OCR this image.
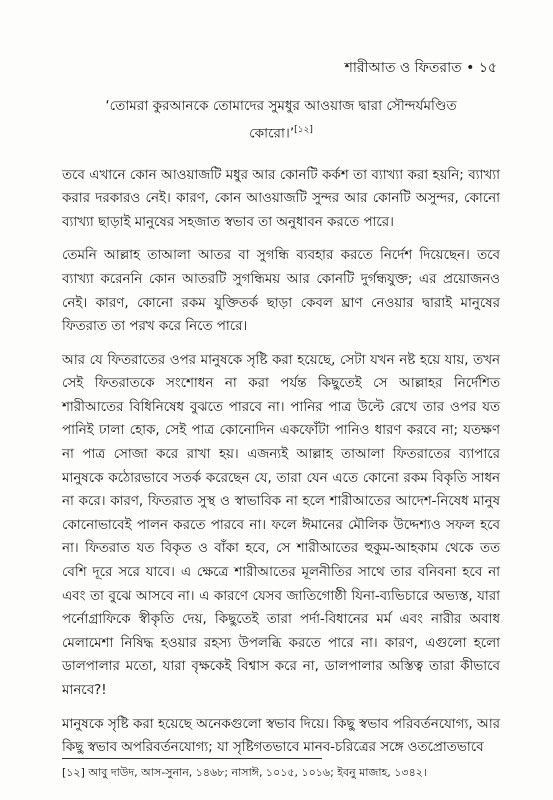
শারীআত ও ফিতরাত • ১৫
‘তোমরা কুরআনকে তোমাদের সুমধুর আওয়াজ দ্বারা সৌন্দর্যমণ্ডিত
কোরো।’[১২]

তবে এখানে কোন আওয়াজটি মধুর আর কোনটি কর্কশ তা ব্যাখ্যা করা হয়নি; ব্যাখ্যা করার দরকারও নেই। কারণ, কোন আওয়াজটি সুন্দর আর কোনটি অসুন্দর, কোনো ব্যাখ্যা ছাড়াই মানুষের সহজাত স্বভাব তা অনুধাবন করতে পারে।

তেমনি আল্লাহ তাআলা আতর বা সুগন্ধি ব্যবহার করতে নির্দেশ দিয়েছেন। তবে ব্যাখ্যা করেননি কোন আতরটি সুগন্ধিময় আর কোনটি দুর্গন্ধযুক্ত; এর প্রয়োজনও নেই। কারণ, কোনো রকম যুক্তিতর্ক ছাড়া কেবল ঘ্রাণ নেওয়ার দ্বারাই মানুষের ফিতরাত তা পরখ করে নিতে পারে।

আর যে ফিতরাতের ওপর মানুষকে সৃষ্টি করা হয়েছে, সেটা যখন নষ্ট হয়ে যায়, তখন সেই ফিতরাতকে সংশোধন না করা পর্যন্ত কিছুতেই সে আল্লাহর নির্দেশিত শারীআতের বিধিনিষেধ বুঝতে পারবে না। পানির পাত্র উল্টে রেখে তার ওপর যত পানিই ঢালা হোক, সেই পাত্র কোনোদিন একফোঁটা পানিও ধারণ করবে না; যতক্ষণ না পাত্র সোজা করে রাখা হয়। এজন্যই আল্লাহ তাআলা ফিতরাতের ব্যাপারে মানুষকে কঠোরভাবে সতর্ক করেছেন যে, তারা যেন এতে কোনো রকম বিকৃতি সাধন না করে। কারণ, ফিতরাত সুস্থ ও স্বাভাবিক না হলে শারীআতের আদেশ-নিষেধ মানুষ কোনোভাবেই পালন করতে পারবে না। ফলে ঈমানের মৌলিক উদ্দেশ্যও সফল হবে না। ফিতরাত যত বিকৃত ও বাঁকা হবে, সে শারীআতের হুকুম-আহকাম থেকে তত বেশি দূরে সরে যাবে। এ ক্ষেত্রে শারীআতের মূলনীতির সাথে তার বনিবনা হবে না এবং তা বুঝে আসবে না। এ কারণে যেসব জাতিগোষ্ঠী যিনা-ব্যভিচারে অভ্যস্ত, যারা পর্নোগ্রাফিকে স্বীকৃতি দেয়, কিছুতেই তারা পর্দা-বিধানের মর্ম এবং নারীর অবাধ মেলামেশা নিষিদ্ধ হওয়ার রহস্য উপলব্ধি করতে পারে না। কারণ, এগুলো হলো ডালপালার মতো, যারা বৃক্ষকেই বিশ্বাস করে না, ডালপালার অস্তিত্ব তারা কীভাবে মানবে?!

মানুষকে সৃষ্টি করা হয়েছে অনেকগুলো স্বভাব দিয়ে। কিছু স্বভাব পরিবর্তনযোগ্য, আর কিছু স্বভাব অপরিবর্তনযোগ্য; যা সৃষ্টিগতভাবে মানব-চরিত্রের সঙ্গে ওতপ্রোতভাবে

[১২] আবু দাউদ, আস-সুনান, ১৪৬৮; নাসাঈ, ১০১৫, ১০১৬; ইবনু মাজাহ, ১৩৪২।
